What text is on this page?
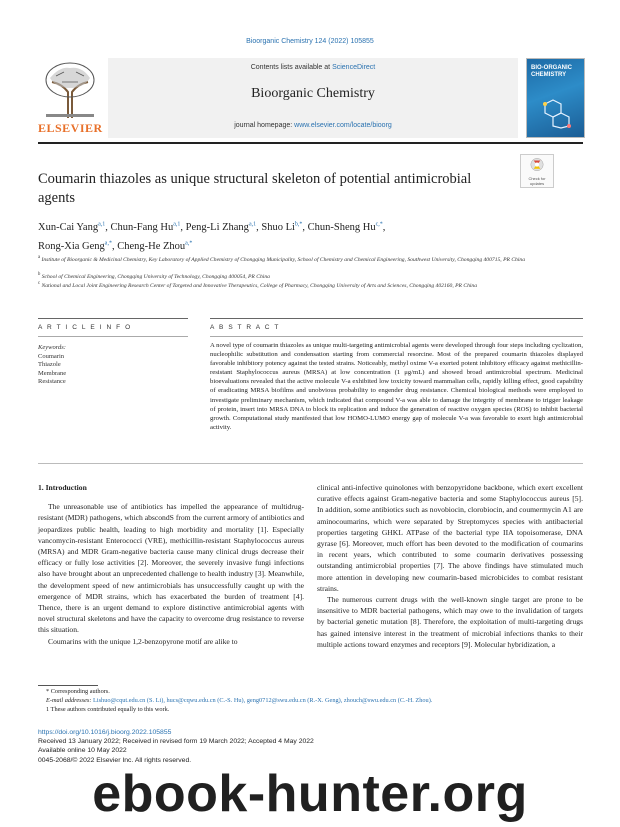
Bioorganic Chemistry 124 (2022) 105855
ELSEVIER
Contents lists available at ScienceDirect
Bioorganic Chemistry
journal homepage: www.elsevier.com/locate/bioorg
BIO-ORGANIC CHEMISTRY
Coumarin thiazoles as unique structural skeleton of potential antimicrobial agents
Check for updates
Xun-Cai Yang$^{a,1}$, Chun-Fang Hu$^{a,1}$, Peng-Li Zhang$^{a,1}$, Shuo $Li^{b,*}$, Chun-Sheng $Hu^{c,*}$,
Rong-Xia Geng$^{a,*}$, Cheng-He Zhou$^{a,*}$
$^a$ Institute of Bioorganic & Medicinal Chemistry, Key Laboratory of Applied Chemistry of Chongqing Municipality, School of Chemistry and Chemical Engineering, Southwest University, Chongqing 400715, PR China
$^b$ School of Chemical Engineering, Chongqing University of Technology, Chongqing 400054, PR China
$^c$ National and Local Joint Engineering Research Center of Targeted and Innovative Therapeutics, College of Pharmacy, Chongqing University of Arts and Sciences, Chongqing 402160, PR China
A R T I C L E I N F O	A B S T R A C T
Keywords:
Coumarin
Thiazole
Membrane
Resistance
A novel type of coumarin thiazoles as unique multi-targeting antimicrobial agents were developed through four steps including cyclization, nucleophilic substitution and condensation starting from commercial resorcine. Most of the prepared coumarin thiazoles displayed favorable inhibitory potency against the tested strains. Noticeably, methyl oxime V-a exerted potent inhibitory efficacy against methicillin-resistant Staphylococcus aureus (MRSA) at low concentration (1 μg/mL) and showed broad antimicrobial spectrum. Medicinal bioevaluations revealed that the active molecule V-a exhibited low toxicity toward mammalian cells, rapidly killing effect, good capability of eradicating MRSA biofilms and unobvious probability to engender drug resistance. Chemical biological methods were employed to investigate preliminary mechanism, which indicated that compound V-a was able to damage the integrity of membrane to trigger leakage of protein, insert into MRSA DNA to block its replication and induce the generation of reactive oxygen species (ROS) to inhibit bacterial growth. Computational study manifested that low HOMO-LUMO energy gap of molecule V-a was favorable to exert high antimicrobial activity.

1. Introduction

The unreasonable use of antibiotics has impelled the appearance of multidrug-resistant (MDR) pathogens, which abscondS from the current armory of antibiotics and jeopardizes public health, leading to high morbidity and mortality [1]. Especially vancomycin-resistant Enterococci (VRE), methicillin-resistant Staphylococcus aureus (MRSA) and MDR Gram-negative bacteria cause many clinical drugs decrease their efficacy or fully lose activities [2]. Moreover, the severely invasive fungi infections also have brought about an unprecedented challenge to health industry [3]. Meanwhile, the development speed of new antimicrobials has unsuccessfully caught up with the emergence of MDR strains, which has exacerbated the burden of treatment [4]. Thence, there is an urgent demand to explore distinctive antimicrobial agents with novel structural skeletons and have the capacity to overcome drug resistance to reverse this situation.

Coumarins with the unique 1,2-benzopyrone motif are alike to

clinical anti-infective quinolones with benzopyridone backbone, which exert excellent curative effects against Gram-negative bacteria and some Staphylococcus aureus [5]. In addition, some antibiotics such as novobiocin, clorobiocin, and coumermycin A1 are aminocoumarins, which were separated by Streptomyces species with antibacterial properties targeting GHKL ATPase of the bacterial type IIA topoisomerase, DNA gyrase [6]. Moreover, much effort has been devoted to the modification of coumarins in recent years, which contributed to some coumarin derivatives possessing outstanding antimicrobial properties [7]. The above findings have stimulated much more attention in developing new coumarin-based microbicides to combat resistant strains.

The numerous current drugs with the well-known single target are prone to be insensitive to MDR bacterial pathogens, which may owe to the invalidation of targets by bacterial genetic mutation [8]. Therefore, the exploitation of multi-targeting drugs has gained intensive interest in the treatment of microbial infections thanks to their multiple actions toward enzymes and receptors [9]. Molecular hybridization, a

* Corresponding authors.
E-mail addresses: Lishuo@cqut.edu.cn (S. Li), hucs@cqwu.edu.cn (C.-S. Hu), geng0712@swu.edu.cn (R.-X. Geng), zhouch@swu.edu.cn (C.-H. Zhou).
1 These authors contributed equally to this work.
https://doi.org/10.1016/j.bioorg.2022.105855
Received 13 January 2022; Received in revised form 19 March 2022; Accepted 4 May 2022
Available online 10 May 2022
0045-2068/© 2022 Elsevier Inc. All rights reserved.
ebook-hunter.org
